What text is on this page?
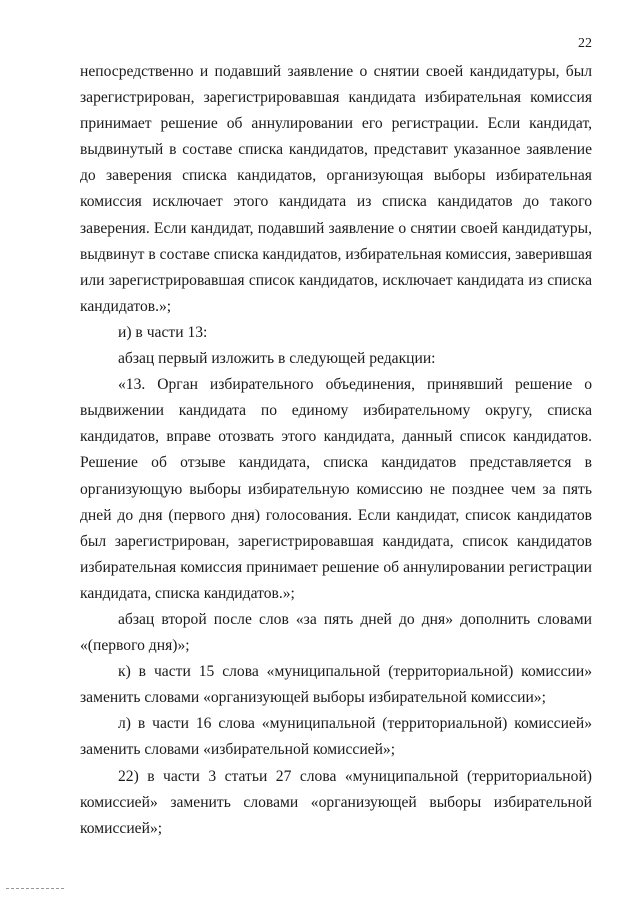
22

непосредственно и подавший заявление о снятии своей кандидатуры, был зарегистрирован, зарегистрировавшая кандидата избирательная комиссия принимает решение об аннулировании его регистрации. Если кандидат, выдвинутый в составе списка кандидатов, представит указанное заявление до заверения списка кандидатов, организующая выборы избирательная комиссия исключает этого кандидата из списка кандидатов до такого заверения. Если кандидат, подавший заявление о снятии своей кандидатуры, выдвинут в составе списка кандидатов, избирательная комиссия, заверившая или зарегистрировавшая список кандидатов, исключает кандидата из списка кандидатов.»;

и) в части 13:

абзац первый изложить в следующей редакции:

«13. Орган избирательного объединения, принявший решение о выдвижении кандидата по единому избирательному округу, списка кандидатов, вправе отозвать этого кандидата, данный список кандидатов. Решение об отзыве кандидата, списка кандидатов представляется в организующую выборы избирательную комиссию не позднее чем за пять дней до дня (первого дня) голосования. Если кандидат, список кандидатов был зарегистрирован, зарегистрировавшая кандидата, список кандидатов избирательная комиссия принимает решение об аннулировании регистрации кандидата, списка кандидатов.»;

абзац второй после слов «за пять дней до дня» дополнить словами «(первого дня)»;

к) в части 15 слова «муниципальной (территориальной) комиссии» заменить словами «организующей выборы избирательной комиссии»;

л) в части 16 слова «муниципальной (территориальной) комиссией» заменить словами «избирательной комиссией»;

22) в части 3 статьи 27 слова «муниципальной (территориальной) комиссией» заменить словами «организующей выборы избирательной комиссией»;
